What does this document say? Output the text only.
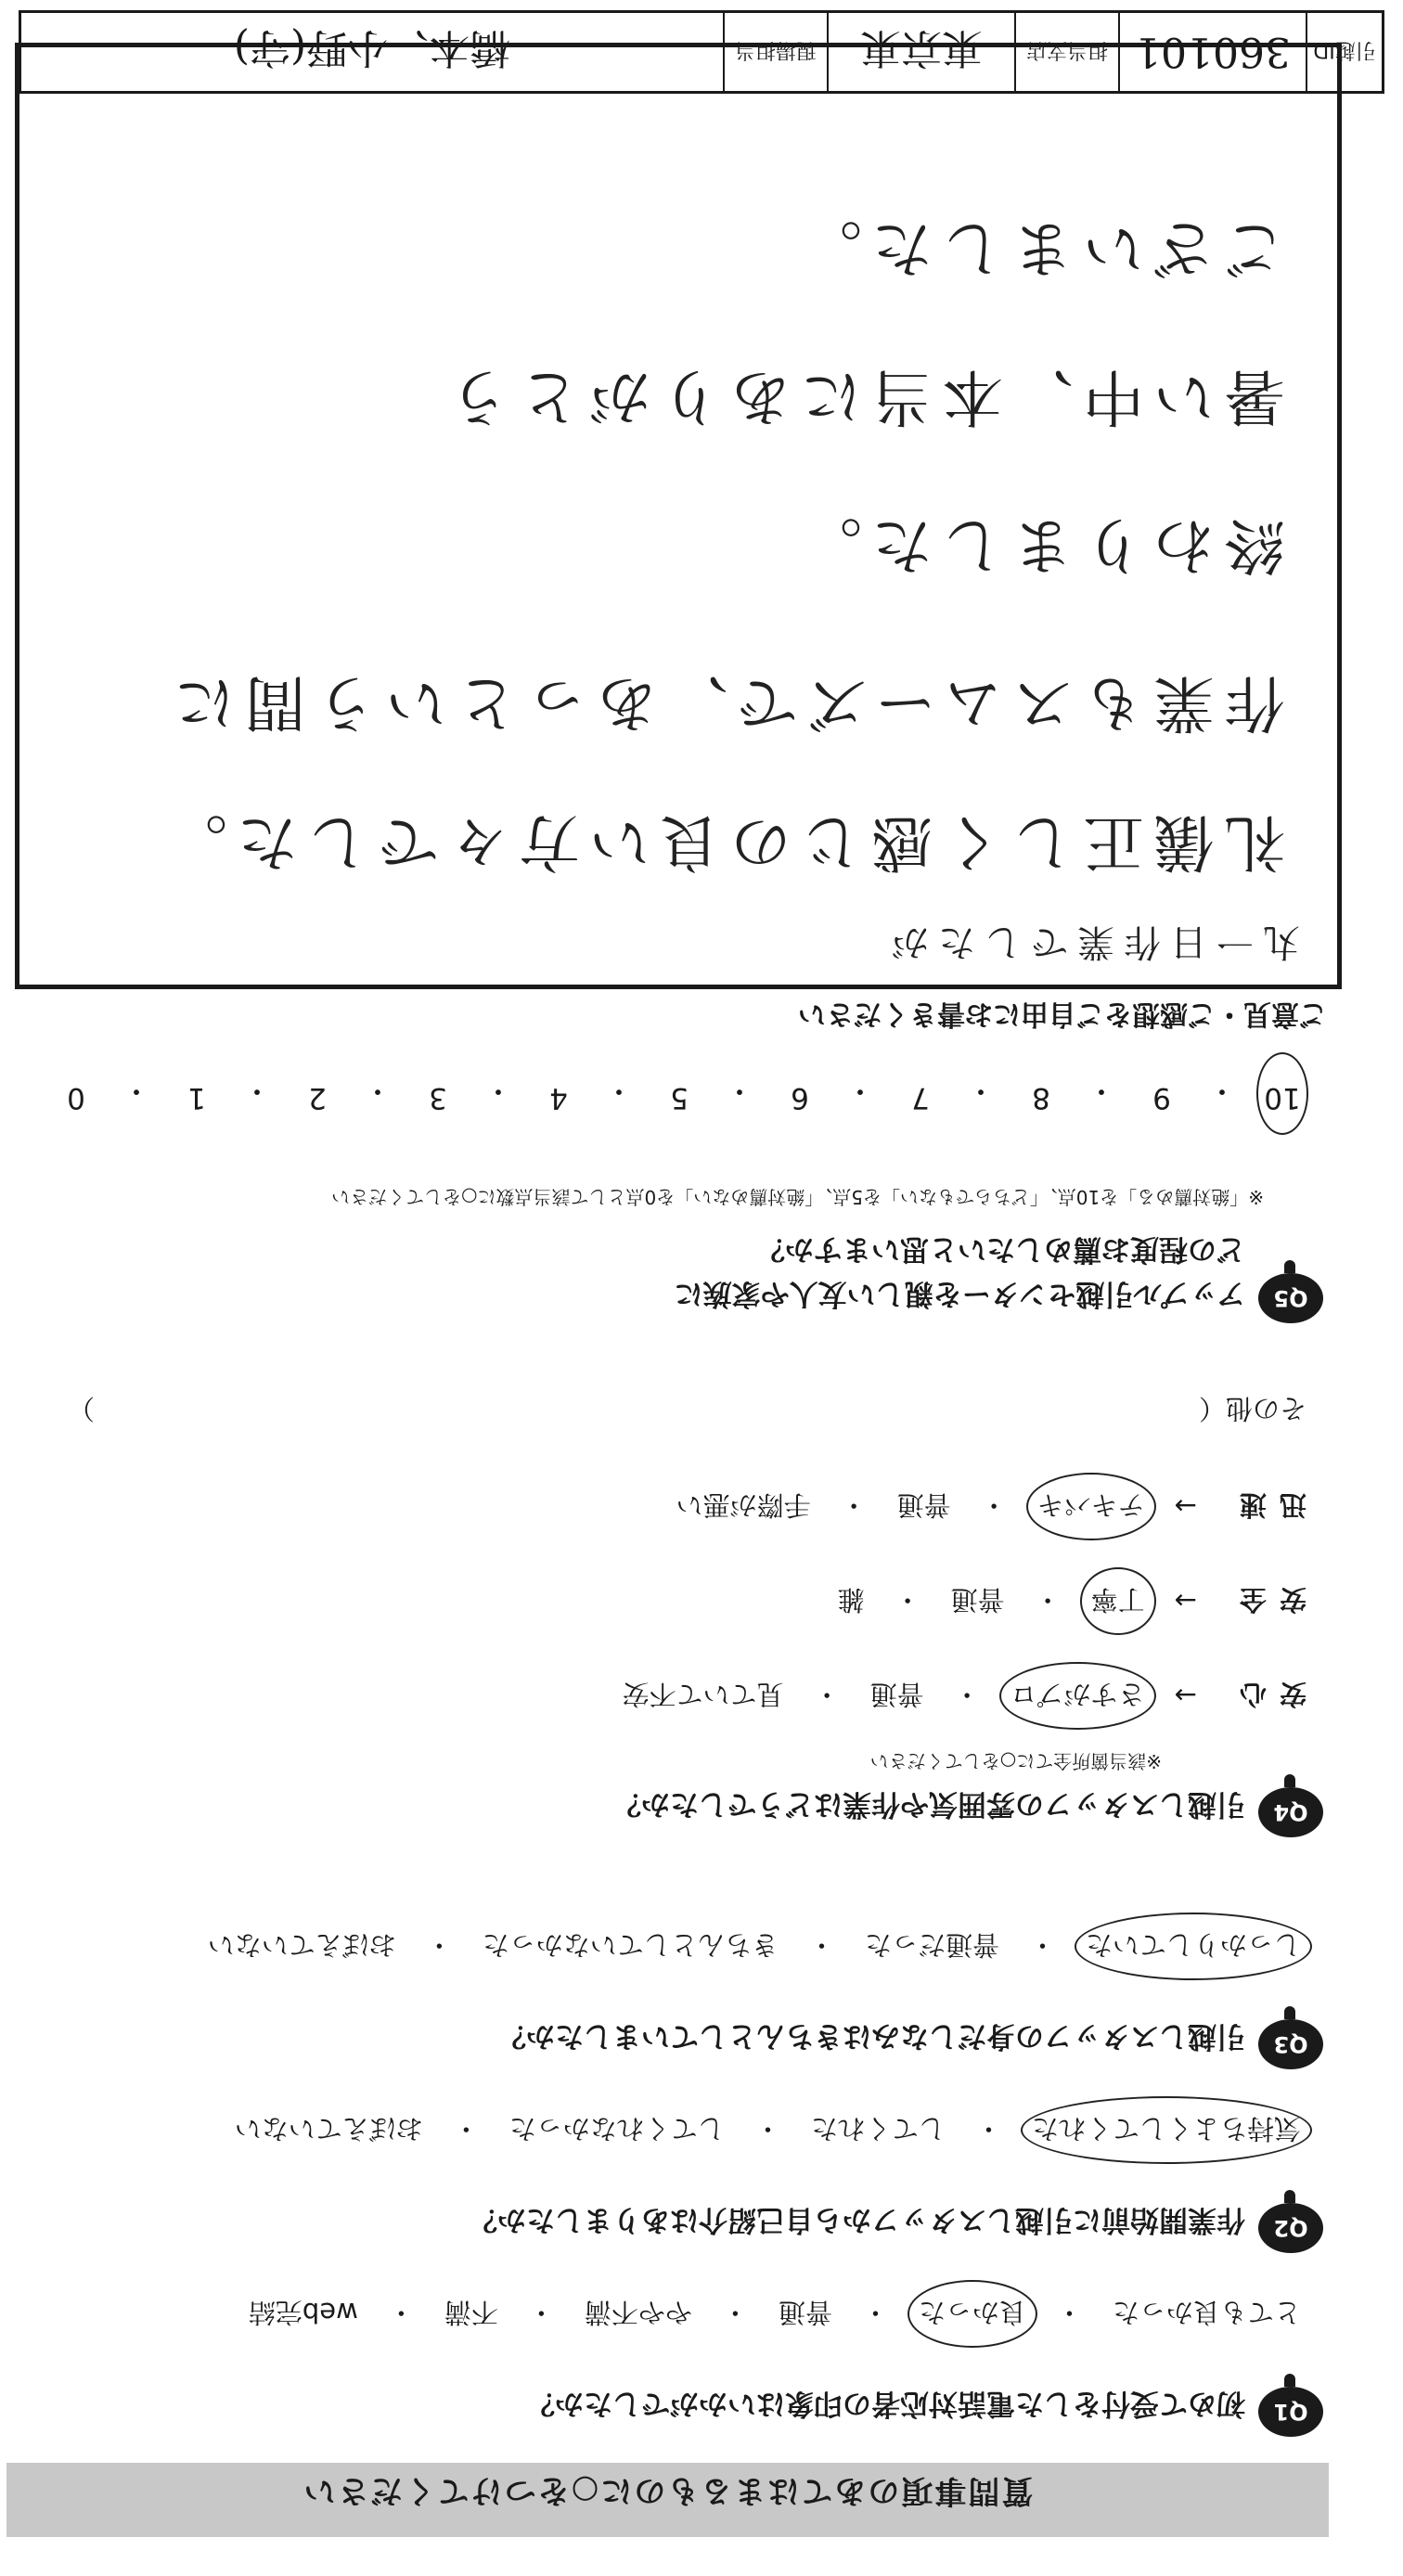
質問事項のあてはまるものに○をつけてください
Q1
初めて受付をした電話対応者の印象はいかがでしたか？
とても良かった
・
良かった
・
普通
・
やや不満
・
不満
・
web完結
Q2
作業開始前に引越しスタッフから自己紹介はありましたか？
気持ちよくしてくれた
・
してくれた
・
してくれなかった
・
おぼえていない
Q3
引越しスタッフの身だしなみはきちんとしていましたか？
しっかりしていた
・
普通だった
・
きちんとしていなかった
・
おぼえていない
Q4
引越しスタッフの雰囲気や作業はどうでしたか？
※該当箇所全てに○をしてください
安心
→
さすがプロ
・
普通
・
見ていて不安
安全
→
丁寧
・
普通
・
雑
迅速
→
テキパキ
・
普通
・
手際が悪い
その他（
）
Q5
アップル引越センターを親しい友人や家族に
どの程度お薦めしたいと思いますか？
※「絶対薦める」を10点、「どちらでもない」を5点、「絶対薦めない」を0点として該当点数に○をしてください
10
・
9
・
8
・
7
・
6
・
5
・
4
・
3
・
2
・
1
・
0
ご意見・ご感想をご自由にお書きください
丸一日作業でしたが
礼儀正しく感じの良い方々でした。
作業もスムーズで、あっという間に
終わりました。
暑い中、本当にありがとう
ございました。
引越ID
360101
担当支店
東京東
現場担当
橋本、小野(守)
